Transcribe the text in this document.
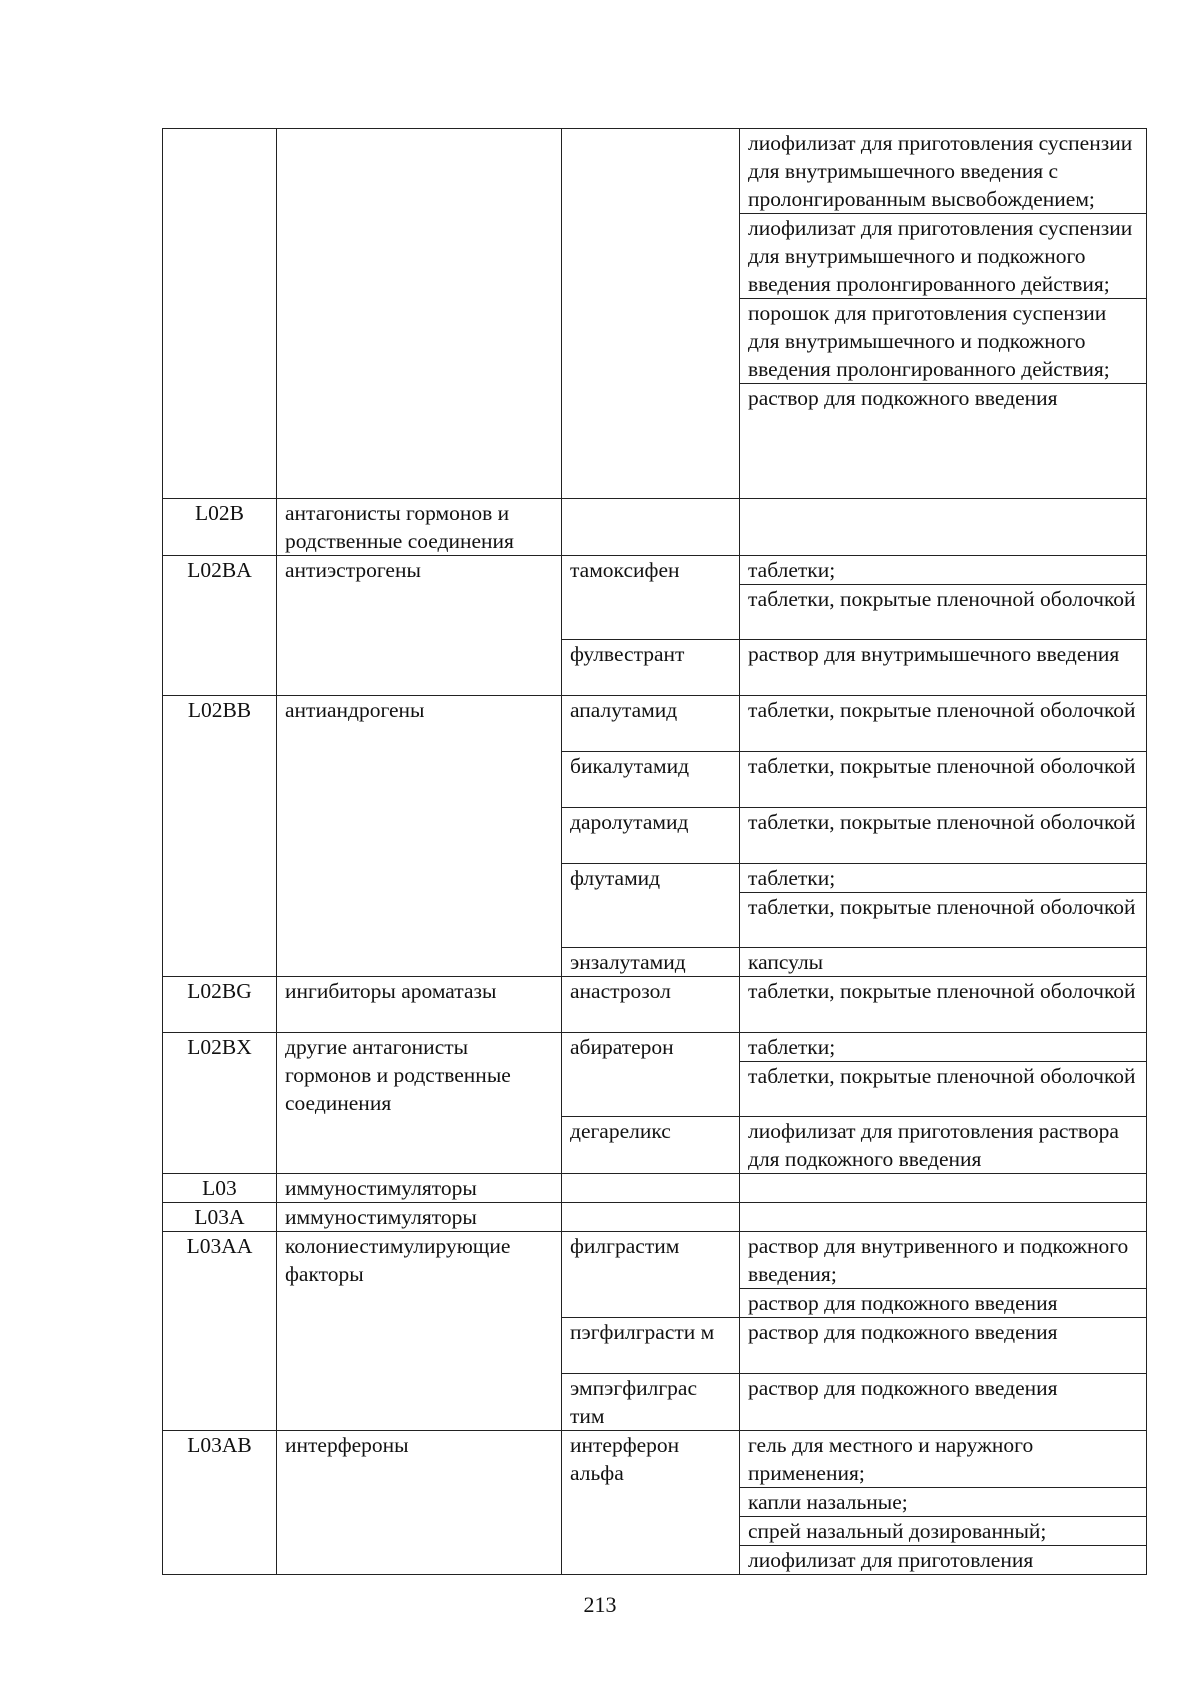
			лиофилизат для приготовления суспензии для внутримышечного введения с пролонгированным высвобождением;
лиофилизат для приготовления суспензии для внутримышечного и подкожного введения пролонгированного действия;
порошок для приготовления суспензии для внутримышечного и подкожного введения пролонгированного действия;
раствор для подкожного введения

L02B	антагонисты гормонов и родственные соединения		
L02BA	антиэстрогены	тамоксифен	таблетки;
таблетки, покрытые пленочной оболочкой

		фулвестрант	раствор для внутримышечного введения

L02BB	антиандрогены	апалутамид	таблетки, покрытые пленочной оболочкой

		бикалутамид	таблетки, покрытые пленочной оболочкой

		даролутамид	таблетки, покрытые пленочной оболочкой

		флутамид	таблетки;
таблетки, покрытые пленочной оболочкой

		энзалутамид	капсулы

L02BG	ингибиторы ароматазы	анастрозол	таблетки, покрытые пленочной оболочкой

L02BX	другие антагонисты гормонов и родственные соединения	абиратерон	таблетки;
таблетки, покрытые пленочной оболочкой

		дегареликс	лиофилизат для приготовления раствора для подкожного введения

L03	иммуностимуляторы		
L03A	иммуностимуляторы		
L03AA	колониестимулирующие факторы	филграстим	раствор для внутривенного и подкожного введения;
раствор для подкожного введения

		пэгфилграсти м	раствор для подкожного введения

		эмпэгфилграс тим	раствор для подкожного введения

L03AB	интерфероны	интерферон альфа	гель для местного и наружного применения;
капли назальные;
спрей назальный дозированный;
лиофилизат для приготовления
213
